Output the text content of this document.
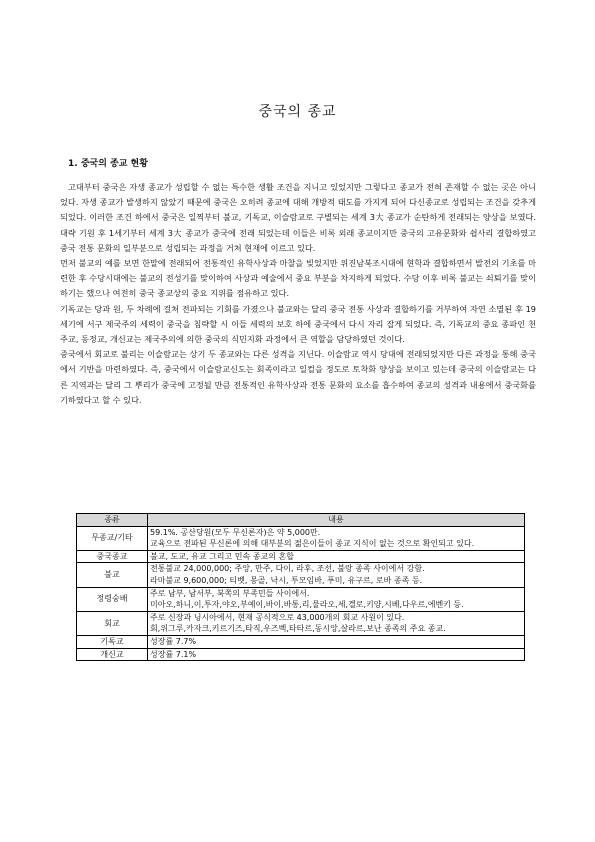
중국의 종교
1. 중국의 종교 현황

고대부터 중국은 자생 종교가 성립할 수 없는 특수한 생활 조건을 지니고 있었지만 그렇다고 종교가 전혀 존재할 수 없는 곳은 아니었다. 자생 종교가 발생하지 않았기 때문에 중국은 오히려 종교에 대해 개방적 태도를 가지게 되어 다신종교로 성립되는 조건을 갖추게 되었다. 이러한 조건 하에서 중국은 일찍부터 불교, 기독교, 이슬람교로 구별되는 세계 3大 종교가 순탄하게 전래되는 양상을 보였다. 대략 기원 후 1세기부터 세계 3大 종교가 중국에 전래 되었는데 이들은 비록 외래 종교이지만 중국의 고유문화와 쉽사리 결합하였고 중국 전통 문화의 일부분으로 성립되는 과정을 거쳐 현재에 이르고 있다.

먼저 불교의 예를 보면 한말에 전래되어 전통적인 유학사상과 마찰을 빚었지만 위진남북조시대에 현학과 결합하면서 발전의 기초를 마련한 후 수당시대에는 불교의 전성기를 맞이하여 사상과 예술에서 중요 부분을 차지하게 되었다. 수당 이후 비록 불교는 쇠퇴기를 맞이하기는 했으나 여전히 중국 종교상의 중요 지위를 점유하고 있다.

기독교는 당과 원, 두 차례에 걸쳐 전파되는 기회를 가졌으나 불교와는 달리 중국 전통 사상과 결합하기를 거부하여 자연 소멸된 후 19세기에 서구 제국주의 세력이 중국을 침략할 시 이들 세력의 보호 하에 중국에서 다시 자리 잡게 되었다. 즉, 기독교의 중요 종파인 천주교, 동정교, 개신교는 제국주의에 의한 중국의 식민지화 과정에서 큰 역할을 담당하였던 것이다.

중국에서 회교로 불리는 이슬람교는 상기 두 종교와는 다른 성격을 지닌다. 이슬람교 역시 당대에 전래되었지만 다른 과정을 통해 중국에서 기반을 마련하였다. 즉, 중국에서 이슬람교신도는 회족이라고 일컬을 정도로 토착화 양상을 보이고 있는데 중국의 이슬람교는 다른 지역과는 달리 그 뿌리가 중국에 고정될 만큼 전통적인 유학사상과 전통 문화의 요소를 흡수하여 종교의 성격과 내용에서 중국화를 기하였다고 할 수 있다.

종류	내용
무종교/기타	59.1%. 공산당원(모두 무신론자)은 약 5,000만.
교육으로 전파된 무신론에 의해 대부분의 젊은이들이 종교 지식이 없는 것으로 확인되고 있다.

중국종교	불교, 도교, 유교 그리고 민속 종교의 혼합

불교	전통불교 24,000,000; 주앙, 만주, 다이, 라후, 조선, 불랑 종족 사이에서 강함.
라마불교 9,600,000; 티벳, 몽골, 낙시, 투모임바, 푸미, 유구르, 로바 종족 등.

정령숭배	주로 남부, 남서부, 북쪽의 부족민들 사이에서.
미아오,하니,이,투자,야오,부예이,바이,바통,리,물라오,세,겔로,키양,시베,다우르,에벤키 등.

회교	주로 신장과 닝시아에서, 현재 공식적으로 43,000개의 회교 사원이 있다.
회,위그루,카자크,키르기즈,타직,우즈벡,타타르,동시앙,살라르,보난 종족의 주요 종교.

기독교	성장률 7.7%

개신교	성장률 7.1%
